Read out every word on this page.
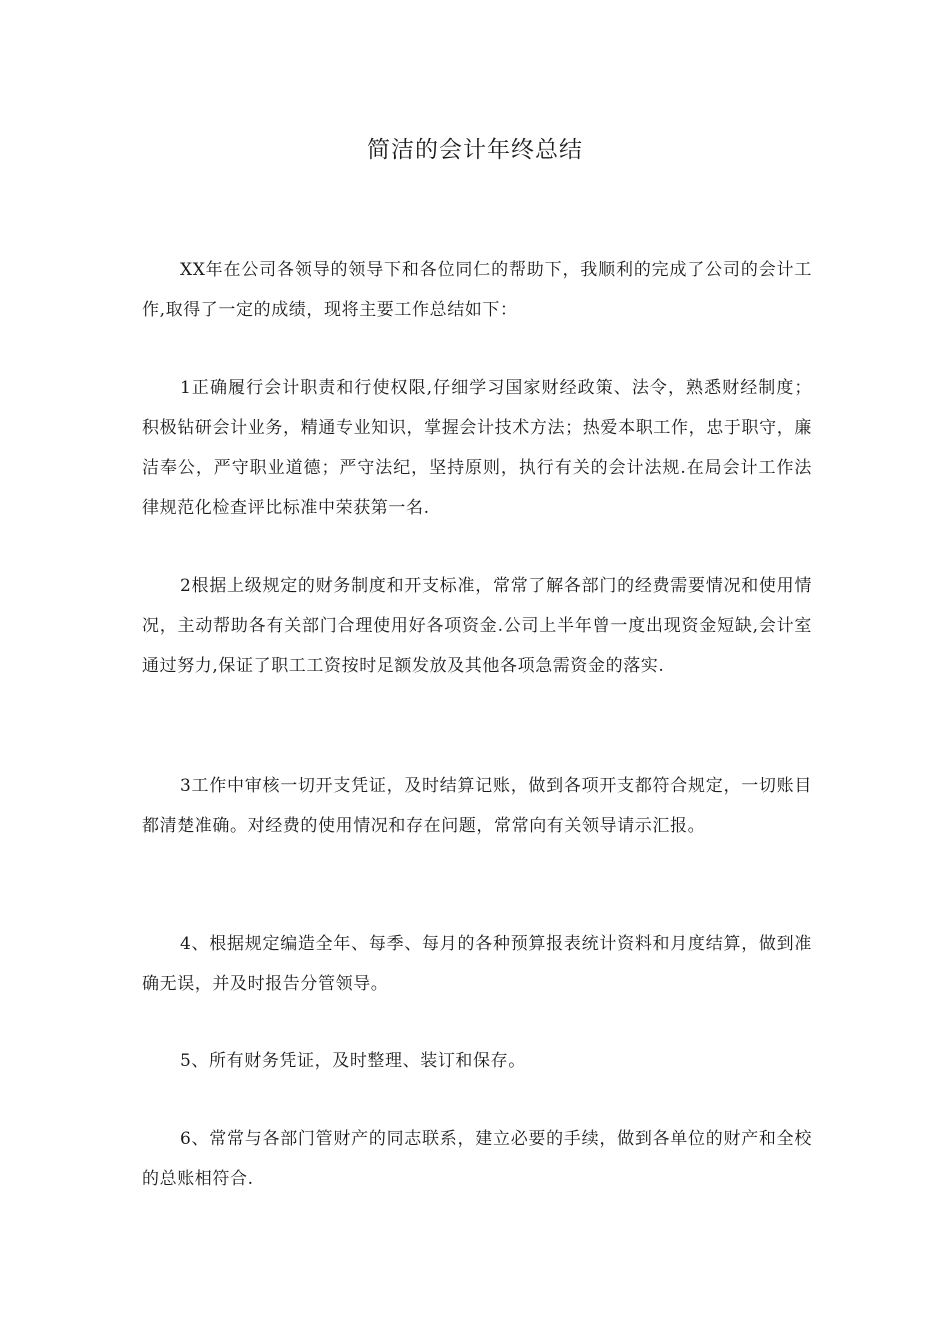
简洁的会计年终总结

XX年在公司各领导的领导下和各位同仁的帮助下，我顺利的完成了公司的会计工作,取得了一定的成绩，现将主要工作总结如下：

1正确履行会计职责和行使权限,仔细学习国家财经政策、法令，熟悉财经制度；积极钻研会计业务，精通专业知识，掌握会计技术方法；热爱本职工作，忠于职守，廉洁奉公，严守职业道德；严守法纪，坚持原则，执行有关的会计法规.在局会计工作法律规范化检查评比标准中荣获第一名.

2根据上级规定的财务制度和开支标准，常常了解各部门的经费需要情况和使用情况，主动帮助各有关部门合理使用好各项资金.公司上半年曾一度出现资金短缺,会计室通过努力,保证了职工工资按时足额发放及其他各项急需资金的落实.

3工作中审核一切开支凭证，及时结算记账，做到各项开支都符合规定，一切账目都清楚准确。对经费的使用情况和存在问题，常常向有关领导请示汇报。

4、根据规定编造全年、每季、每月的各种预算报表统计资料和月度结算，做到准确无误，并及时报告分管领导。

5、所有财务凭证，及时整理、装订和保存。

6、常常与各部门管财产的同志联系，建立必要的手续，做到各单位的财产和全校的总账相符合.
